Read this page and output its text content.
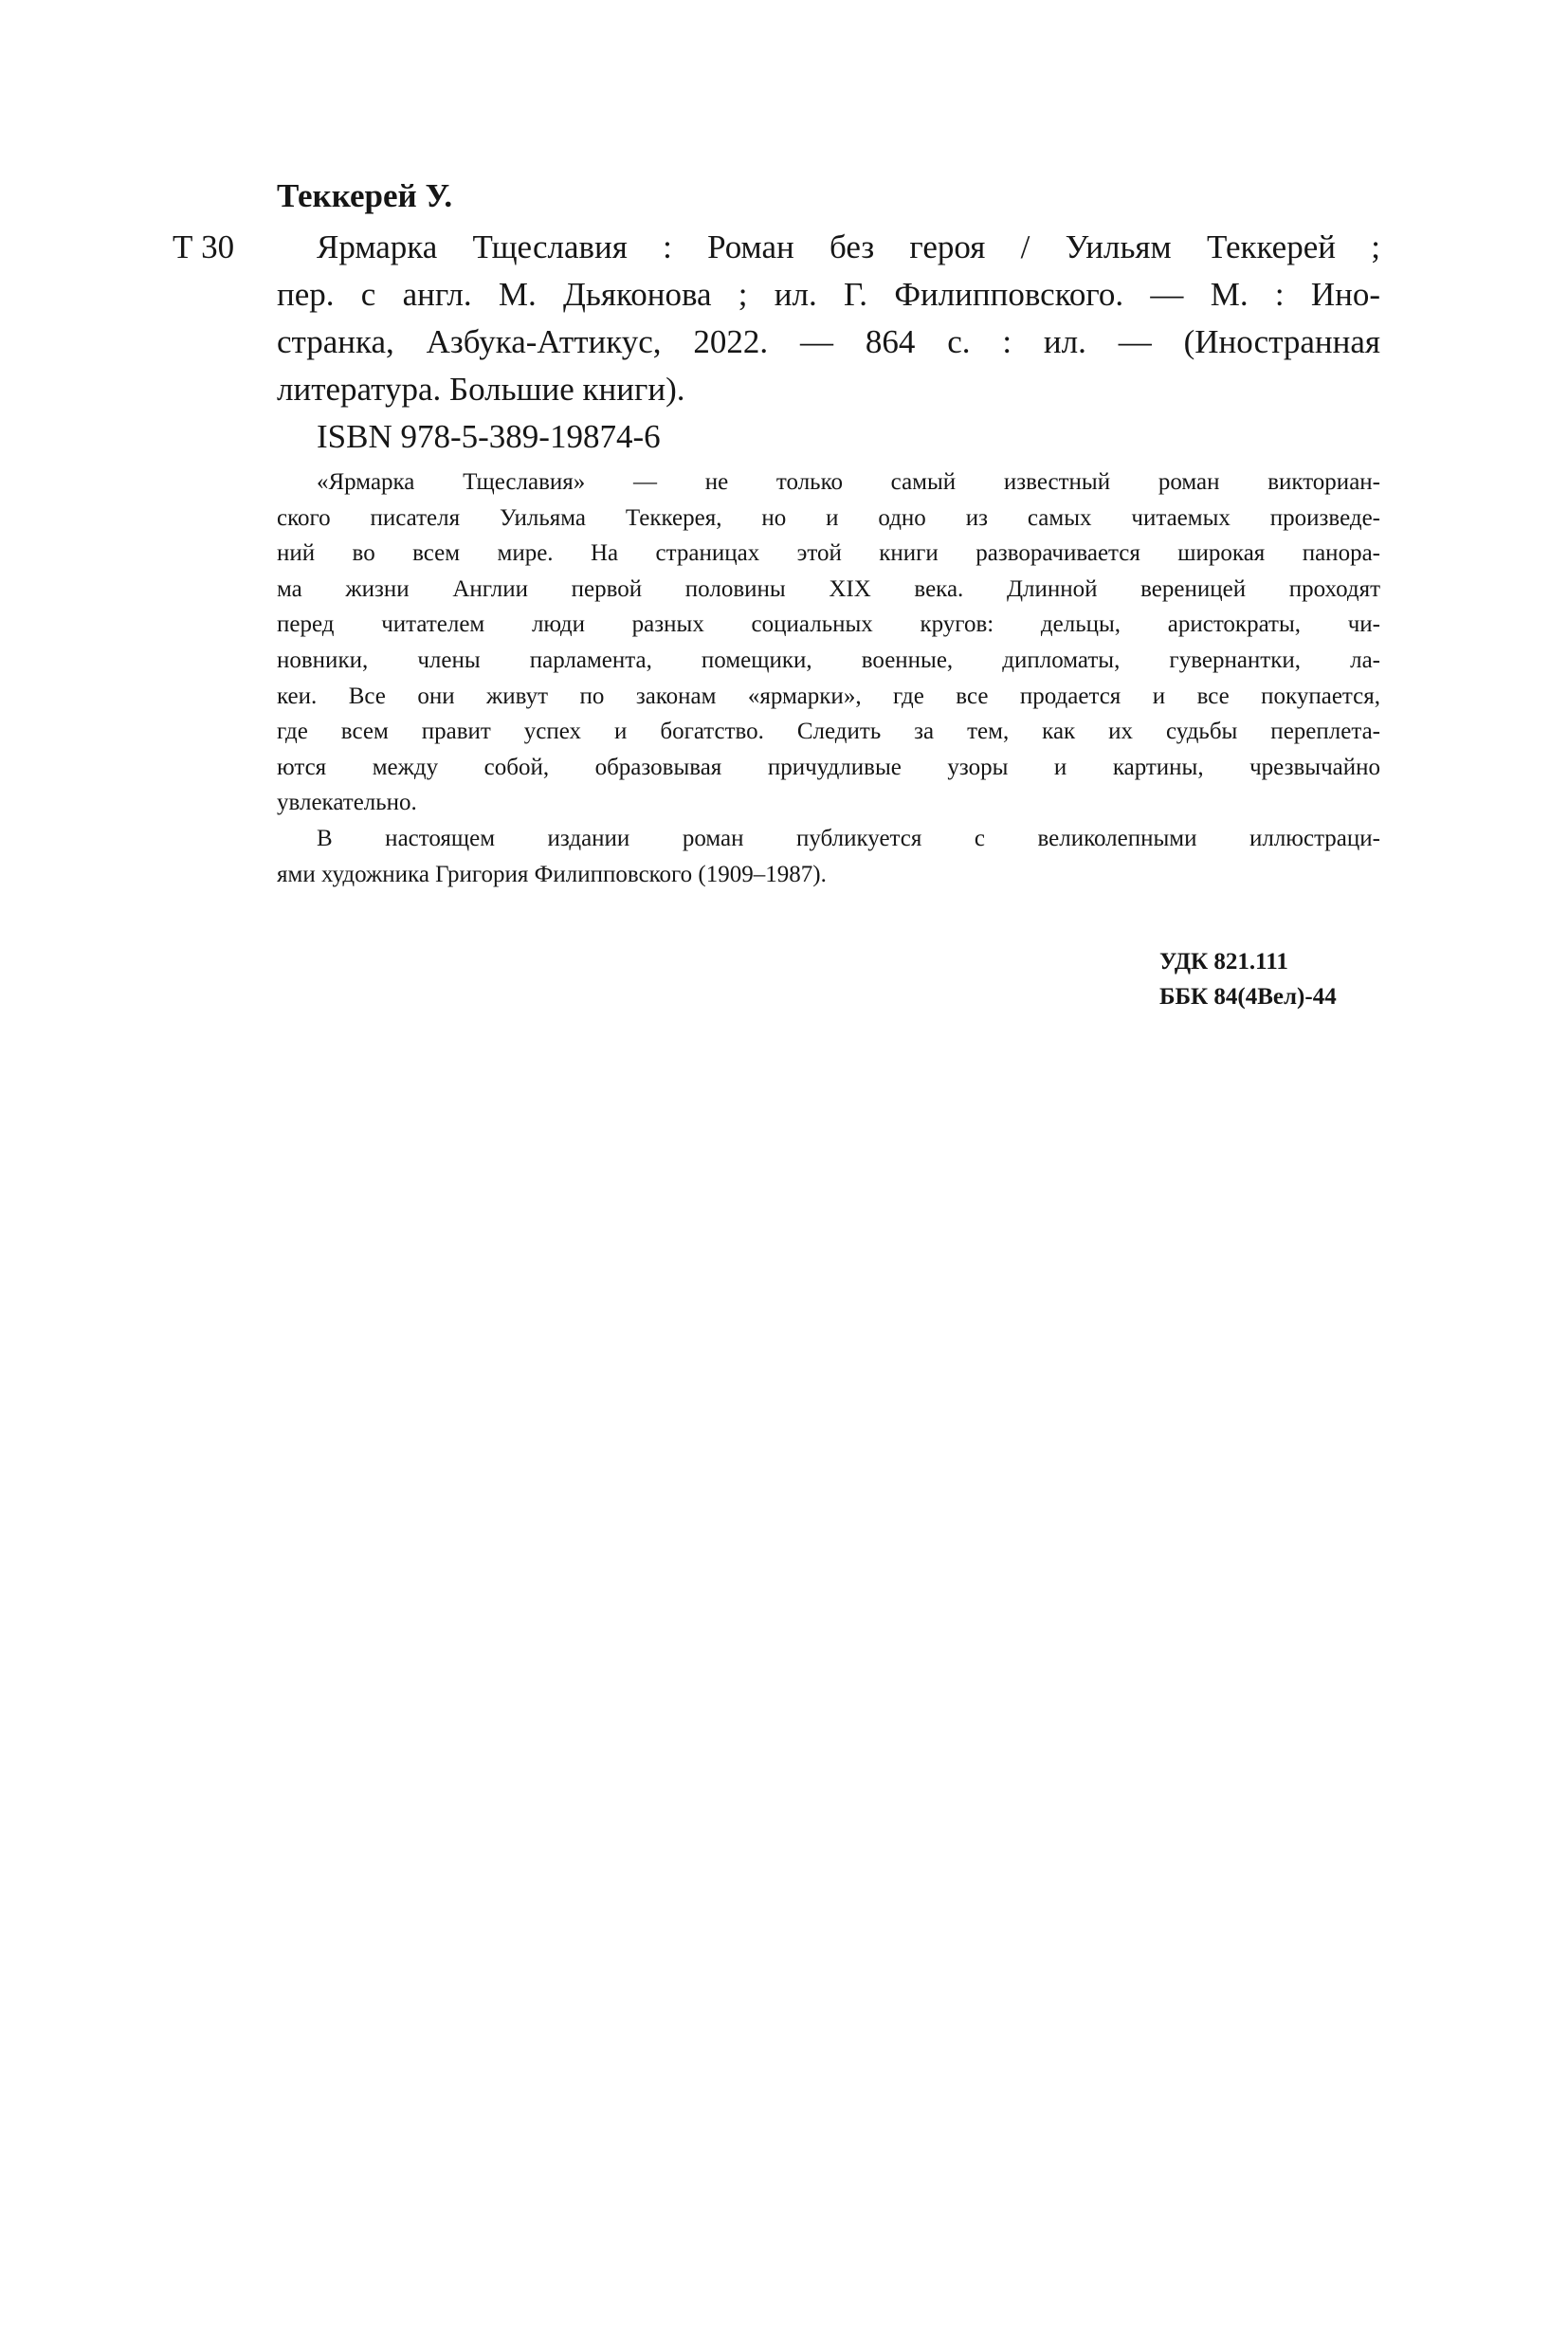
Теккерей У.
Т 30	Ярмарка Тщеславия : Роман без героя / Уильям Теккерей ;
пер. с англ. М. Дьяконова ; ил. Г. Филипповского. — М. : Ино-
странка, Азбука-Аттикус, 2022. — 864 с. : ил. — (Иностранная
литература. Большие книги).
ISBN 978-5-389-19874-6
«Ярмарка Тщеславия» — не только самый известный роман викториан-
ского писателя Уильяма Теккерея, но и одно из самых читаемых произведе-
ний во всем мире. На страницах этой книги разворачивается широкая панора-
ма жизни Англии первой половины XIX века. Длинной вереницей проходят
перед читателем люди разных социальных кругов: дельцы, аристократы, чи-
новники, члены парламента, помещики, военные, дипломаты, гувернантки, ла-
кеи. Все они живут по законам «ярмарки», где все продается и все покупается,
где всем правит успех и богатство. Следить за тем, как их судьбы переплета-
ются между собой, образовывая причудливые узоры и картины, чрезвычайно
увлекательно.
В настоящем издании роман публикуется с великолепными иллюстраци-
ями художника Григория Филипповского (1909–1987).
УДК 821.111
ББК 84(4Вел)-44
